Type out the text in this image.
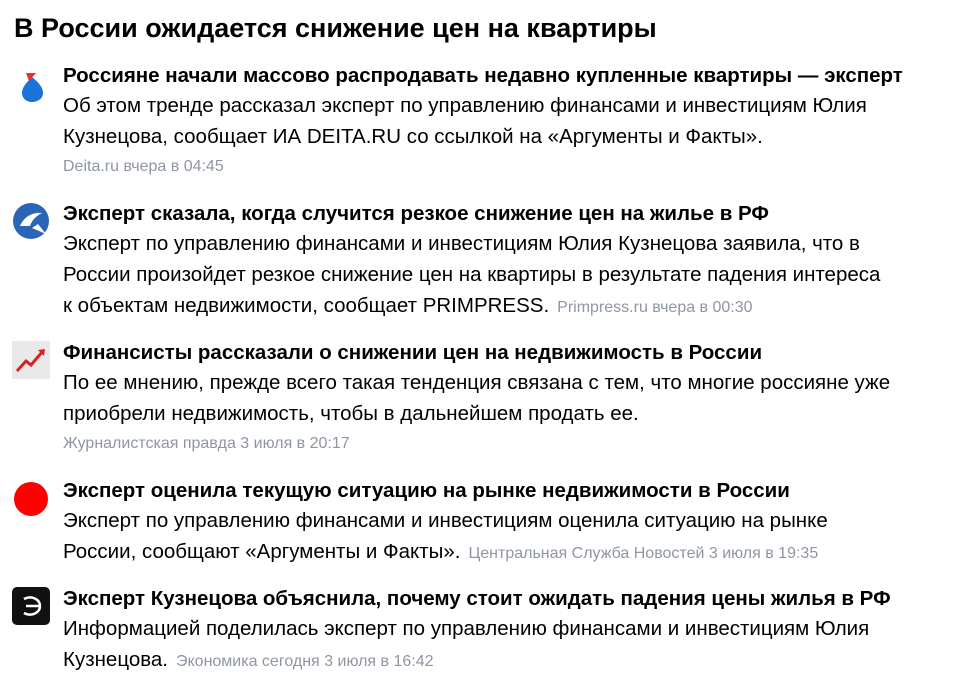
В России ожидается снижение цен на квартиры
Россияне начали массово распродавать недавно купленные квартиры — эксперт
Об этом тренде рассказал эксперт по управлению финансами и инвестициям Юлия
Кузнецова, сообщает ИА DEITA.RU со ссылкой на «Аргументы и Факты».
Deita.ru вчера в 04:45
Эксперт сказала, когда случится резкое снижение цен на жилье в РФ
Эксперт по управлению финансами и инвестициям Юлия Кузнецова заявила, что в
России произойдет резкое снижение цен на квартиры в результате падения интереса
к объектам недвижимости, сообщает PRIMPRESS. Primpress.ru вчера в 00:30
Финансисты рассказали о снижении цен на недвижимость в России
По ее мнению, прежде всего такая тенденция связана с тем, что многие россияне уже
приобрели недвижимость, чтобы в дальнейшем продать ее.
Журналистская правда 3 июля в 20:17
Эксперт оценила текущую ситуацию на рынке недвижимости в России
Эксперт по управлению финансами и инвестициям оценила ситуацию на рынке
России, сообщают «Аргументы и Факты». Центральная Служба Новостей 3 июля в 19:35
Эксперт Кузнецова объяснила, почему стоит ожидать падения цены жилья в РФ
Информацией поделилась эксперт по управлению финансами и инвестициям Юлия
Кузнецова. Экономика сегодня 3 июля в 16:42
